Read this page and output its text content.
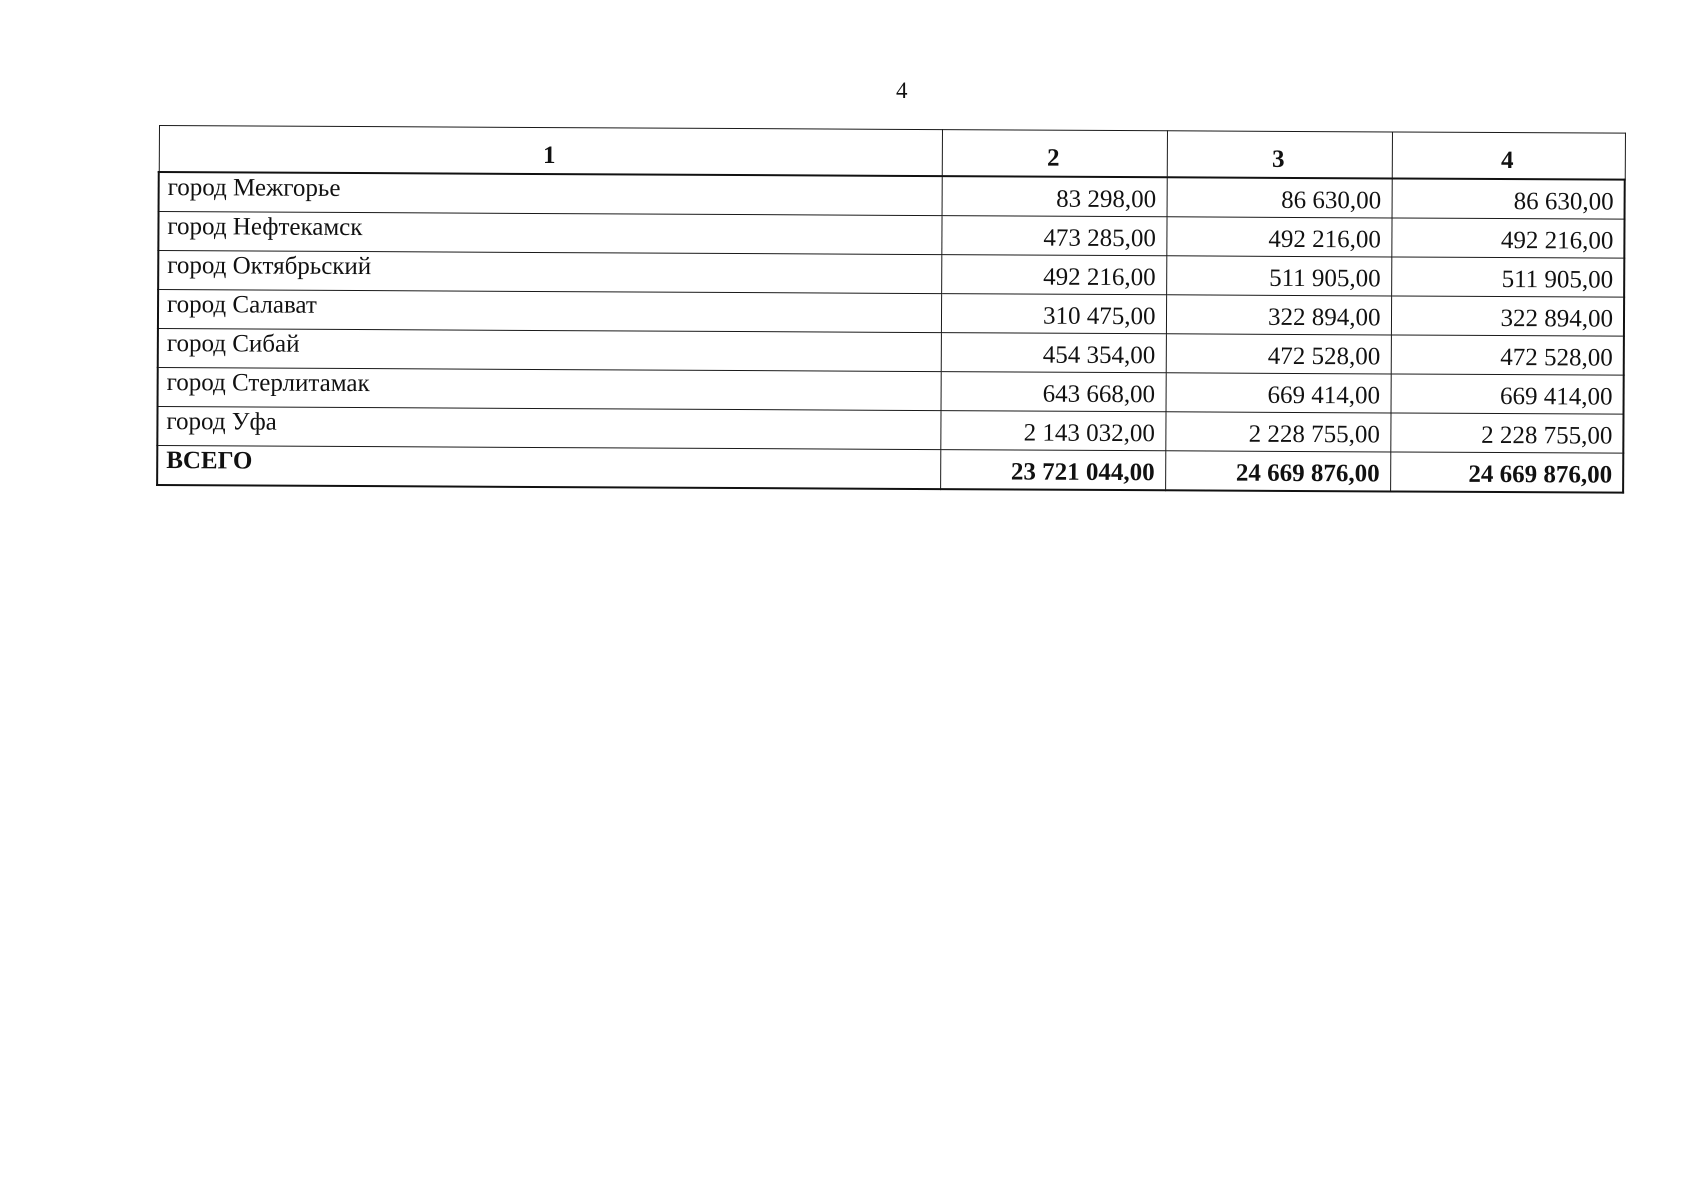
4
1	2	3	4
город Межгорье	83 298,00	86 630,00	86 630,00
город Нефтекамск	473 285,00	492 216,00	492 216,00
город Октябрьский	492 216,00	511 905,00	511 905,00
город Салават	310 475,00	322 894,00	322 894,00
город Сибай	454 354,00	472 528,00	472 528,00
город Стерлитамак	643 668,00	669 414,00	669 414,00
город Уфа	2 143 032,00	2 228 755,00	2 228 755,00
ВСЕГО	23 721 044,00	24 669 876,00	24 669 876,00
